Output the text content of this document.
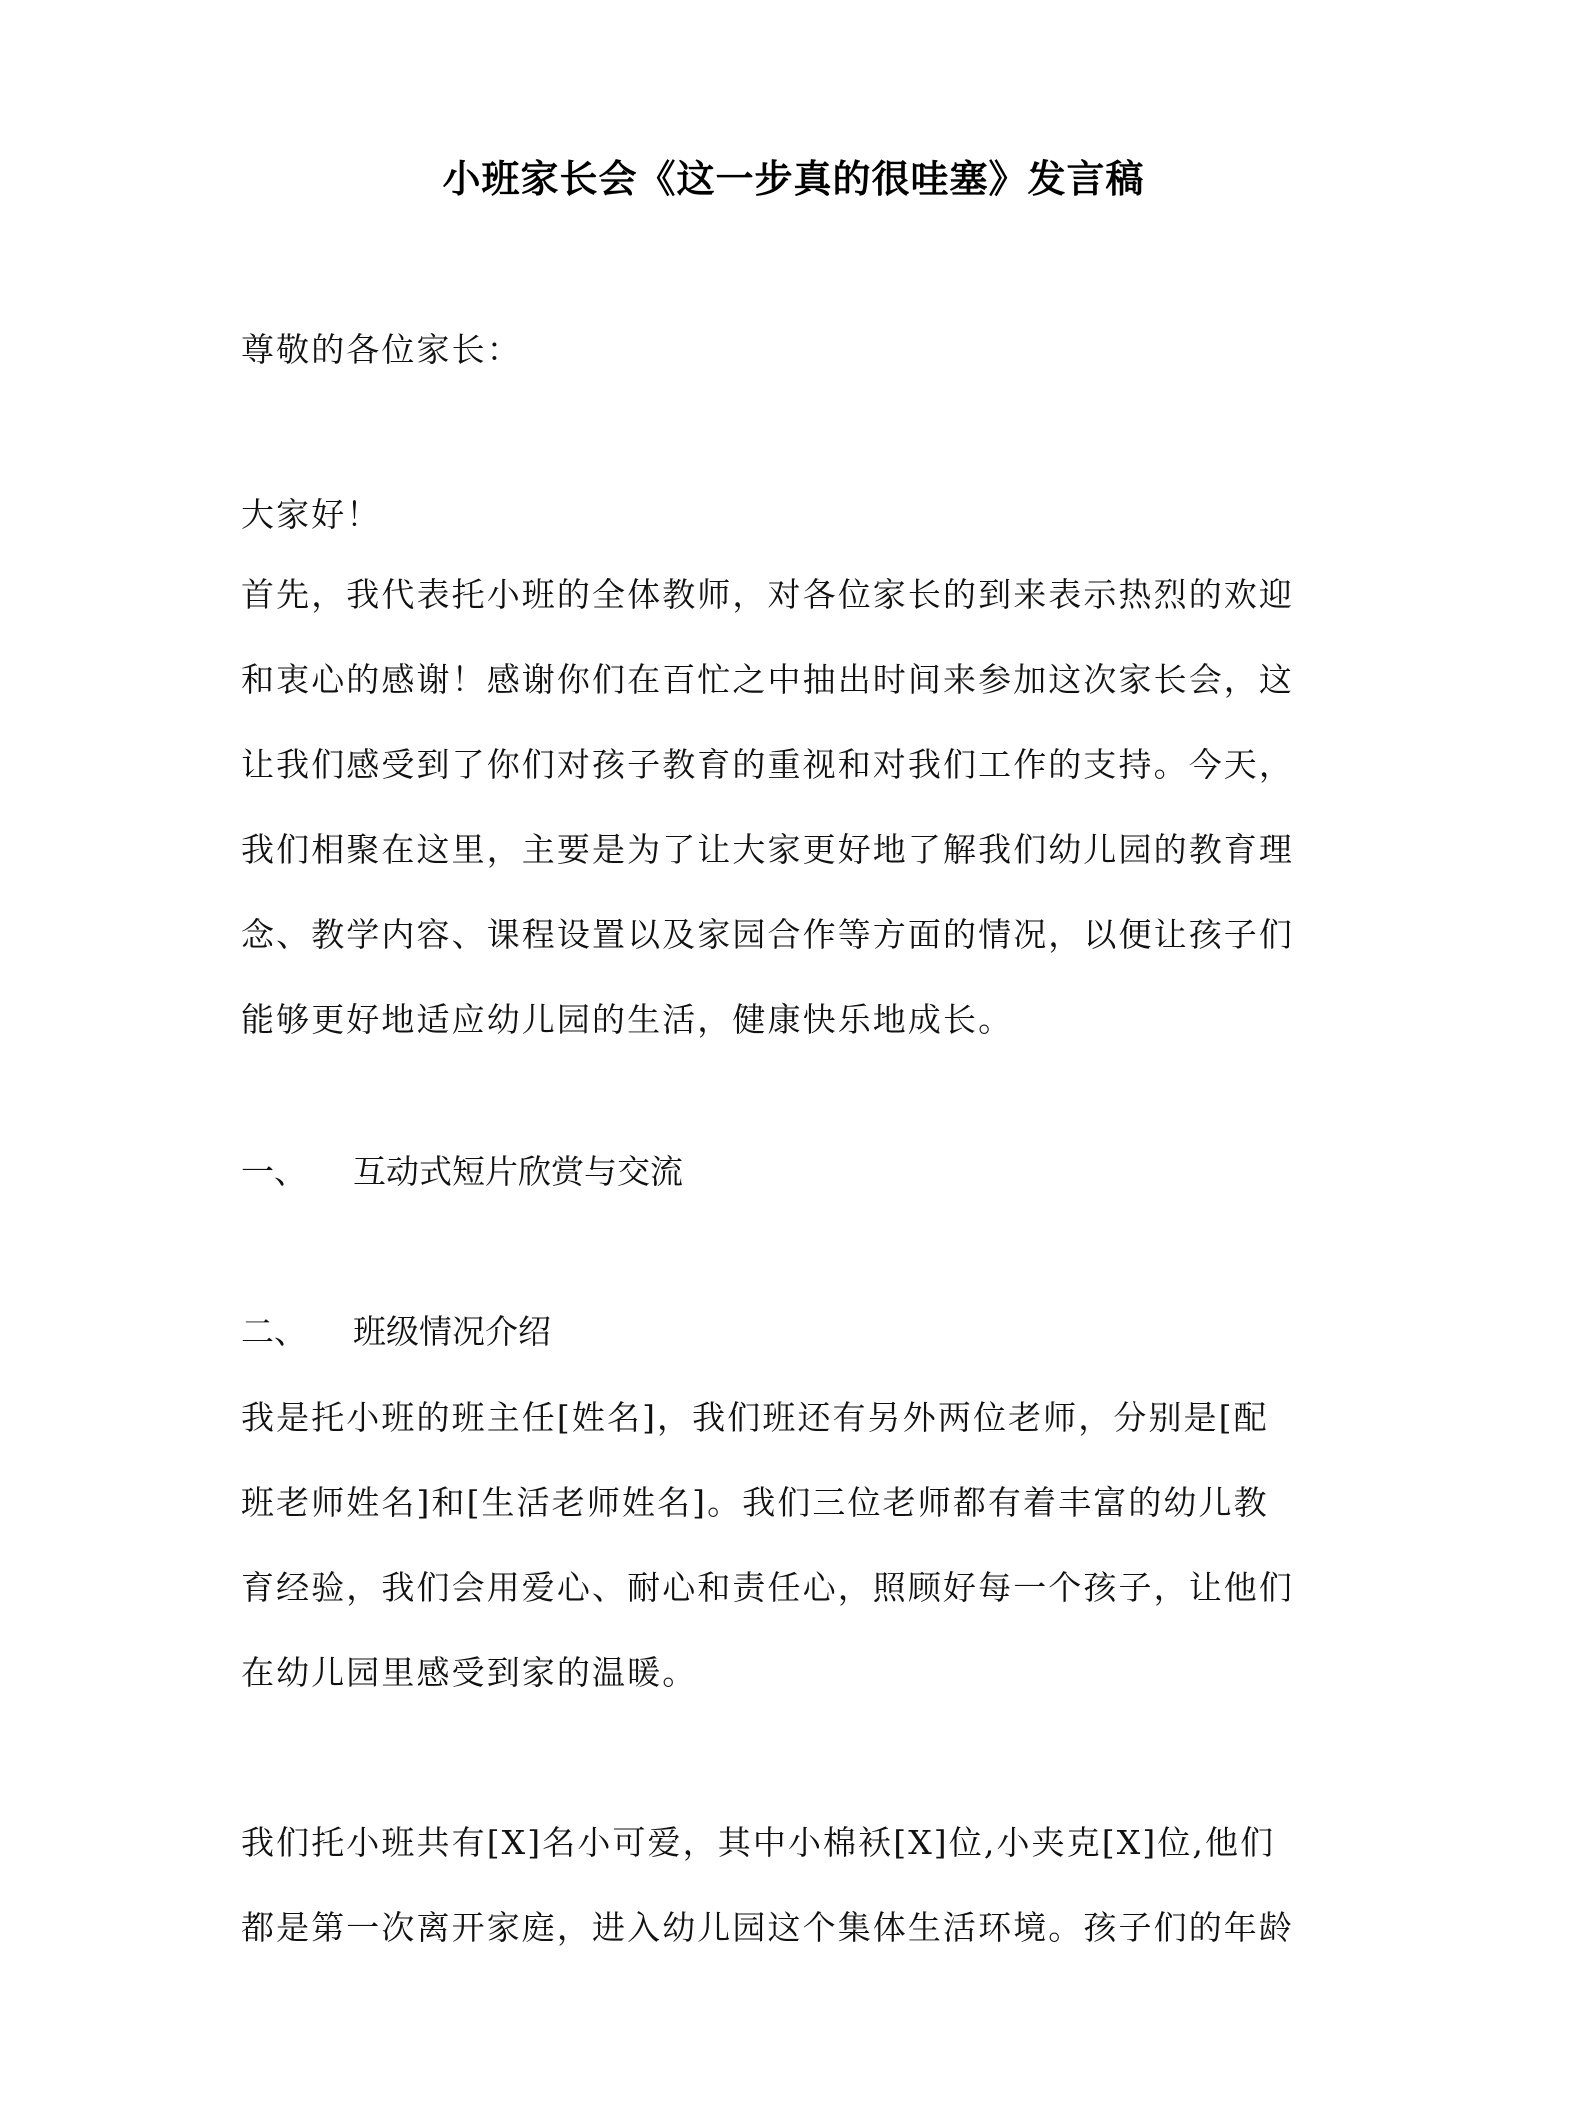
小班家长会《这一步真的很哇塞》发言稿
尊敬的各位家长：
大家好！
首先，我代表托小班的全体教师，对各位家长的到来表示热烈的欢迎
和衷心的感谢！感谢你们在百忙之中抽出时间来参加这次家长会，这
让我们感受到了你们对孩子教育的重视和对我们工作的支持。今天，
我们相聚在这里，主要是为了让大家更好地了解我们幼儿园的教育理
念、教学内容、课程设置以及家园合作等方面的情况，以便让孩子们
能够更好地适应幼儿园的生活，健康快乐地成长。
一、	互动式短片欣赏与交流
二、	班级情况介绍
我是托小班的班主任[姓名]，我们班还有另外两位老师，分别是[配
班老师姓名]和[生活老师姓名]。我们三位老师都有着丰富的幼儿教
育经验，我们会用爱心、耐心和责任心，照顾好每一个孩子，让他们
在幼儿园里感受到家的温暖。
我们托小班共有[X]名小可爱，其中小棉袄[X]位,小夹克[X]位,他们
都是第一次离开家庭，进入幼儿园这个集体生活环境。孩子们的年龄
